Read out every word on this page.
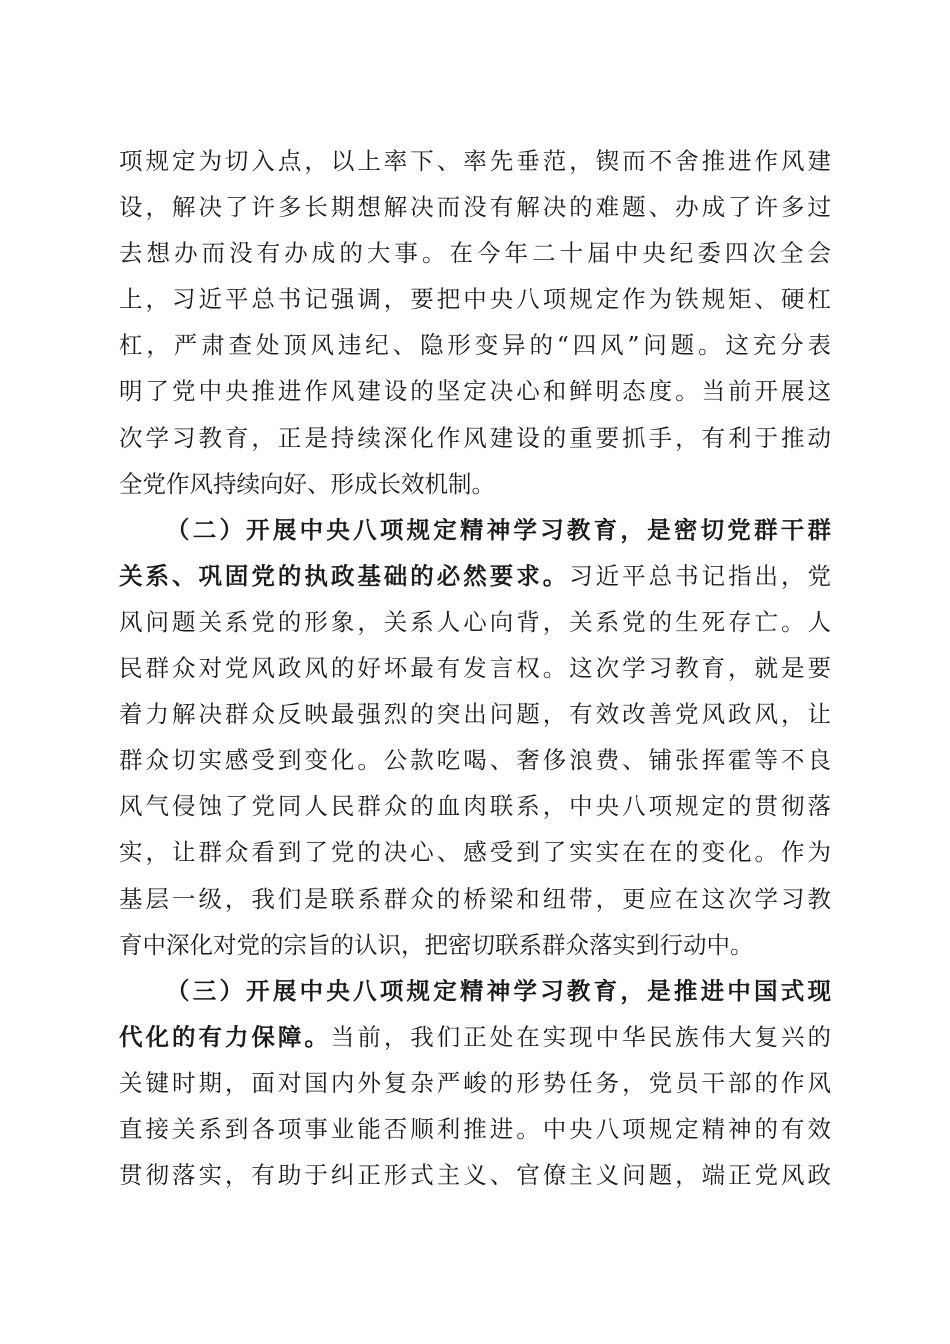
项规定为切入点，以上率下、率先垂范，锲而不舍推进作风建
设，解决了许多长期想解决而没有解决的难题、办成了许多过
去想办而没有办成的大事。在今年二十届中央纪委四次全会
上，习近平总书记强调，要把中央八项规定作为铁规矩、硬杠
杠，严肃查处顶风违纪、隐形变异的“四风”问题。这充分表
明了党中央推进作风建设的坚定决心和鲜明态度。当前开展这
次学习教育，正是持续深化作风建设的重要抓手，有利于推动
全党作风持续向好、形成长效机制。
（二）开展中央八项规定精神学习教育，是密切党群干群
关系、巩固党的执政基础的必然要求。习近平总书记指出，党
风问题关系党的形象，关系人心向背，关系党的生死存亡。人
民群众对党风政风的好坏最有发言权。这次学习教育，就是要
着力解决群众反映最强烈的突出问题，有效改善党风政风，让
群众切实感受到变化。公款吃喝、奢侈浪费、铺张挥霍等不良
风气侵蚀了党同人民群众的血肉联系，中央八项规定的贯彻落
实，让群众看到了党的决心、感受到了实实在在的变化。作为
基层一级，我们是联系群众的桥梁和纽带，更应在这次学习教
育中深化对党的宗旨的认识，把密切联系群众落实到行动中。
（三）开展中央八项规定精神学习教育，是推进中国式现
代化的有力保障。当前，我们正处在实现中华民族伟大复兴的
关键时期，面对国内外复杂严峻的形势任务，党员干部的作风
直接关系到各项事业能否顺利推进。中央八项规定精神的有效
贯彻落实，有助于纠正形式主义、官僚主义问题，端正党风政
